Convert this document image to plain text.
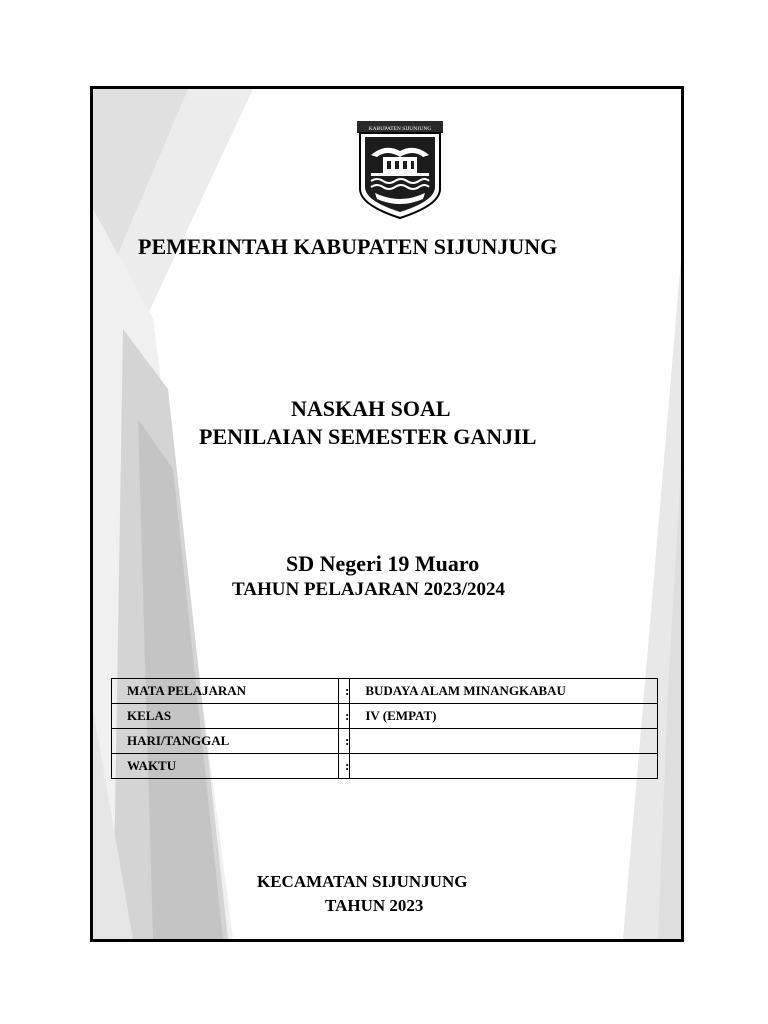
KABUPATEN SIJUNJUNG
PEMERINTAH KABUPATEN SIJUNJUNG
NASKAH SOAL
PENILAIAN SEMESTER GANJIL
SD Negeri 19 Muaro
TAHUN PELAJARAN 2023/2024
MATA PELAJARAN	:	BUDAYA ALAM MINANGKABAU
KELAS	:	IV (EMPAT)
HARI/TANGGAL	:	
WAKTU	:	
KECAMATAN SIJUNJUNG
TAHUN 2023
